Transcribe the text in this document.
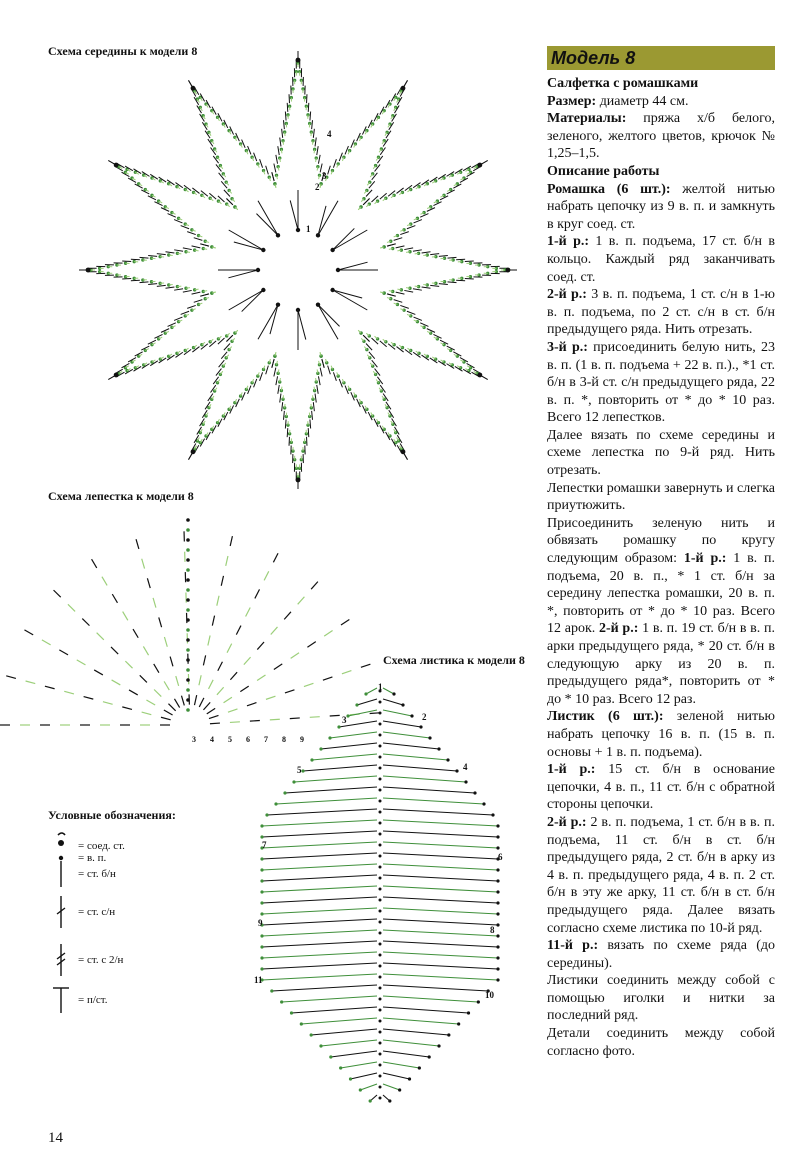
Схема середины к модели 8
Схема лепестка к модели 8
Схема листика к модели 8
Условные обозначения:
1
2
3
4
3 4 5 6 7 8 9
1
2
3
4
5
6
7
8
9
10
11
= соед. ст.
= в. п.
= ст. б/н
= ст. с/н
= ст. с 2/н
= п/ст.
Модель 8

Салфетка с ромашками

Размер: диаметр 44 см.

Материалы: пряжа х/б белого, зеленого, желтого цветов, крючок № 1,25–1,5.

Описание работы

Ромашка (6 шт.): желтой нитью набрать цепочку из 9 в. п. и замкнуть в круг соед. ст.

1-й р.: 1 в. п. подъема, 17 ст. б/н в кольцо. Каждый ряд заканчивать соед. ст.

2-й р.: 3 в. п. подъема, 1 ст. с/н в 1-ю в. п. подъема, по 2 ст. с/н в ст. б/н предыдущего ряда. Нить отрезать.

3-й р.: присоединить белую нить, 23 в. п. (1 в. п. подъема + 22 в. п.)., *1 ст. б/н в 3-й ст. с/н предыдущего ряда, 22 в. п. *, повторить от * до * 10 раз. Всего 12 лепестков.

Далее вязать по схеме середины и схеме лепестка по 9-й ряд. Нить отрезать.

Лепестки ромашки завернуть и слегка приутюжить.

Присоединить зеленую нить и обвязать ромашку по кругу следующим образом: 1-й р.: 1 в. п. подъема, 20 в. п., * 1 ст. б/н за середину лепестка ромашки, 20 в. п. *, повторить от * до * 10 раз. Всего 12 арок. 2-й р.: 1 в. п. 19 ст. б/н в в. п. арки предыдущего ряда, * 20 ст. б/н в следующую арку из 20 в. п. предыдущего ряда*, повторить от * до * 10 раз. Всего 12 раз.

Листик (6 шт.): зеленой нитью набрать цепочку 16 в. п. (15 в. п. основы + 1 в. п. подъема).

1-й р.: 15 ст. б/н в основание цепочки, 4 в. п., 11 ст. б/н с обратной стороны цепочки.

2-й р.: 2 в. п. подъема, 1 ст. б/н в в. п. подъема, 11 ст. б/н в ст. б/н предыдущего ряда, 2 ст. б/н в арку из 4 в. п. предыдущего ряда, 4 в. п. 2 ст. б/н в эту же арку, 11 ст. б/н в ст. б/н предыдущего ряда. Далее вязать согласно схеме листика по 10-й ряд.

11-й р.: вязать по схеме ряда (до середины).

Листики соединить между собой с помощью иголки и нитки за последний ряд.

Детали соединить между собой согласно фото.

14
